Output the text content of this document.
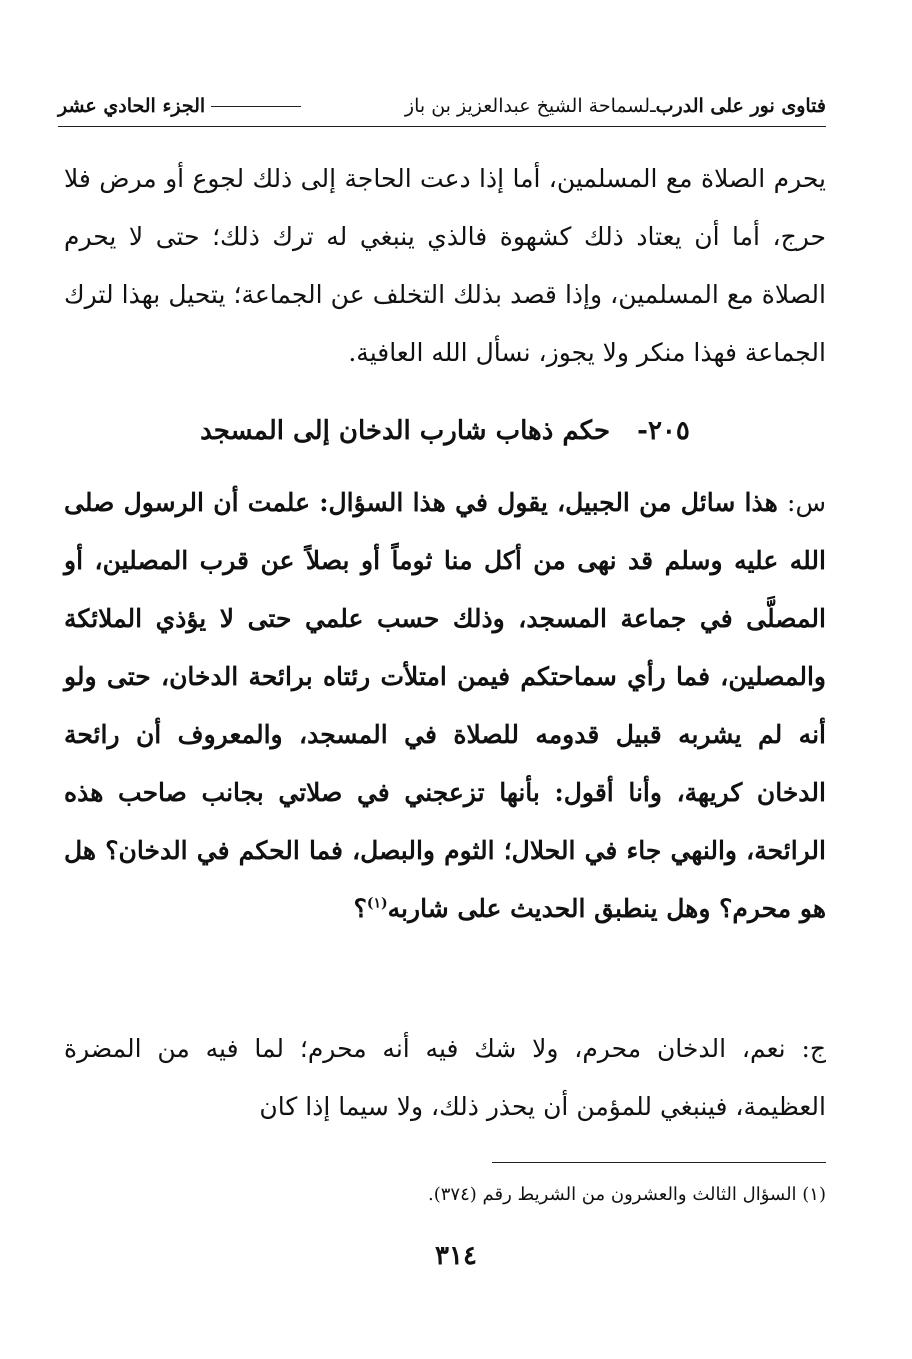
فتاوى نور على الدرب
ـ
لسماحة الشيخ عبدالعزيز بن باز
الجزء الحادي عشر
يحرم الصلاة مع المسلمين، أما إذا دعت الحاجة إلى ذلك لجوع أو مرض فلا حرج، أما أن يعتاد ذلك كشهوة فالذي ينبغي له ترك ذلك؛ حتى لا يحرم الصلاة مع المسلمين، وإذا قصد بذلك التخلف عن الجماعة؛ يتحيل بهذا لترك الجماعة فهذا منكر ولا يجوز، نسأل الله العافية.
٢٠٥- حكم ذهاب شارب الدخان إلى المسجد
س: هذا سائل من الجبيل، يقول في هذا السؤال: علمت أن الرسول صلى الله عليه وسلم قد نهى من أكل منا ثوماً أو بصلاً عن قرب المصلين، أو المصلَّى في جماعة المسجد، وذلك حسب علمي حتى لا يؤذي الملائكة والمصلين، فما رأي سماحتكم فيمن امتلأت رئتاه برائحة الدخان، حتى ولو أنه لم يشربه قبيل قدومه للصلاة في المسجد، والمعروف أن رائحة الدخان كريهة، وأنا أقول: بأنها تزعجني في صلاتي بجانب صاحب هذه الرائحة، والنهي جاء في الحلال؛ الثوم والبصل، فما الحكم في الدخان؟ هل هو محرم؟ وهل ينطبق الحديث على شاربه$^{(١)}$؟
ج: نعم، الدخان محرم، ولا شك فيه أنه محرم؛ لما فيه من المضرة العظيمة، فينبغي للمؤمن أن يحذر ذلك، ولا سيما إذا كان
(١) السؤال الثالث والعشرون من الشريط رقم (٣٧٤).
٣١٤
